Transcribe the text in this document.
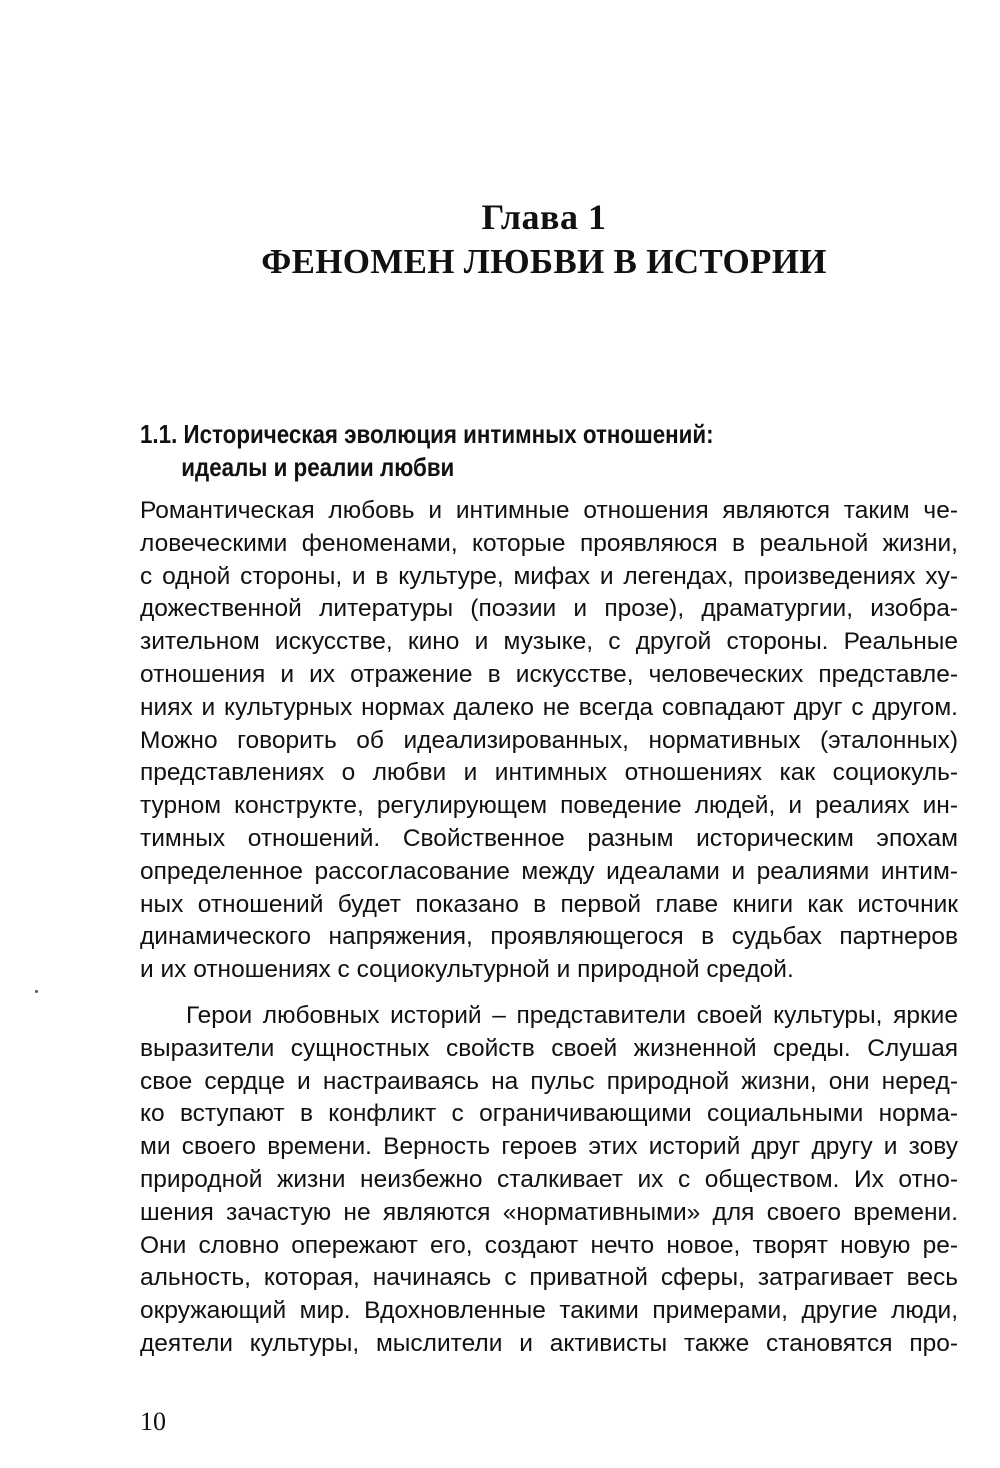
Глава 1
ФЕНОМЕН ЛЮБВИ В ИСТОРИИ
1.1. Историческая эволюция интимных отношений:
идеалы и реалии любви
Романтическая любовь и интимные отношения являются таким че-
ловеческими феноменами, которые проявляюся в реальной жизни,
с одной стороны, и в культуре, мифах и легендах, произведениях ху-
дожественной литературы (поэзии и прозе), драматургии, изобра-
зительном искусстве, кино и музыке, с другой стороны. Реальные
отношения и их отражение в искусстве, человеческих представле-
ниях и культурных нормах далеко не всегда совпадают друг с другом.
Можно говорить об идеализированных, нормативных (эталонных)
представлениях о любви и интимных отношениях как социокуль-
турном конструкте, регулирующем поведение людей, и реалиях ин-
тимных отношений. Свойственное разным историческим эпохам
определенное рассогласование между идеалами и реалиями интим-
ных отношений будет показано в первой главе книги как источник
динамического напряжения, проявляющегося в судьбах партнеров
и их отношениях с социокультурной и природной средой.
Герои любовных историй – представители своей культуры, яркие
выразители сущностных свойств своей жизненной среды. Слушая
свое сердце и настраиваясь на пульс природной жизни, они неред-
ко вступают в конфликт с ограничивающими социальными норма-
ми своего времени. Верность героев этих историй друг другу и зову
природной жизни неизбежно сталкивает их с обществом. Их отно-
шения зачастую не являются «нормативными» для своего времени.
Они словно опережают его, создают нечто новое, творят новую ре-
альность, которая, начинаясь с приватной сферы, затрагивает весь
окружающий мир. Вдохновленные такими примерами, другие люди,
деятели культуры, мыслители и активисты также становятся про-
10
